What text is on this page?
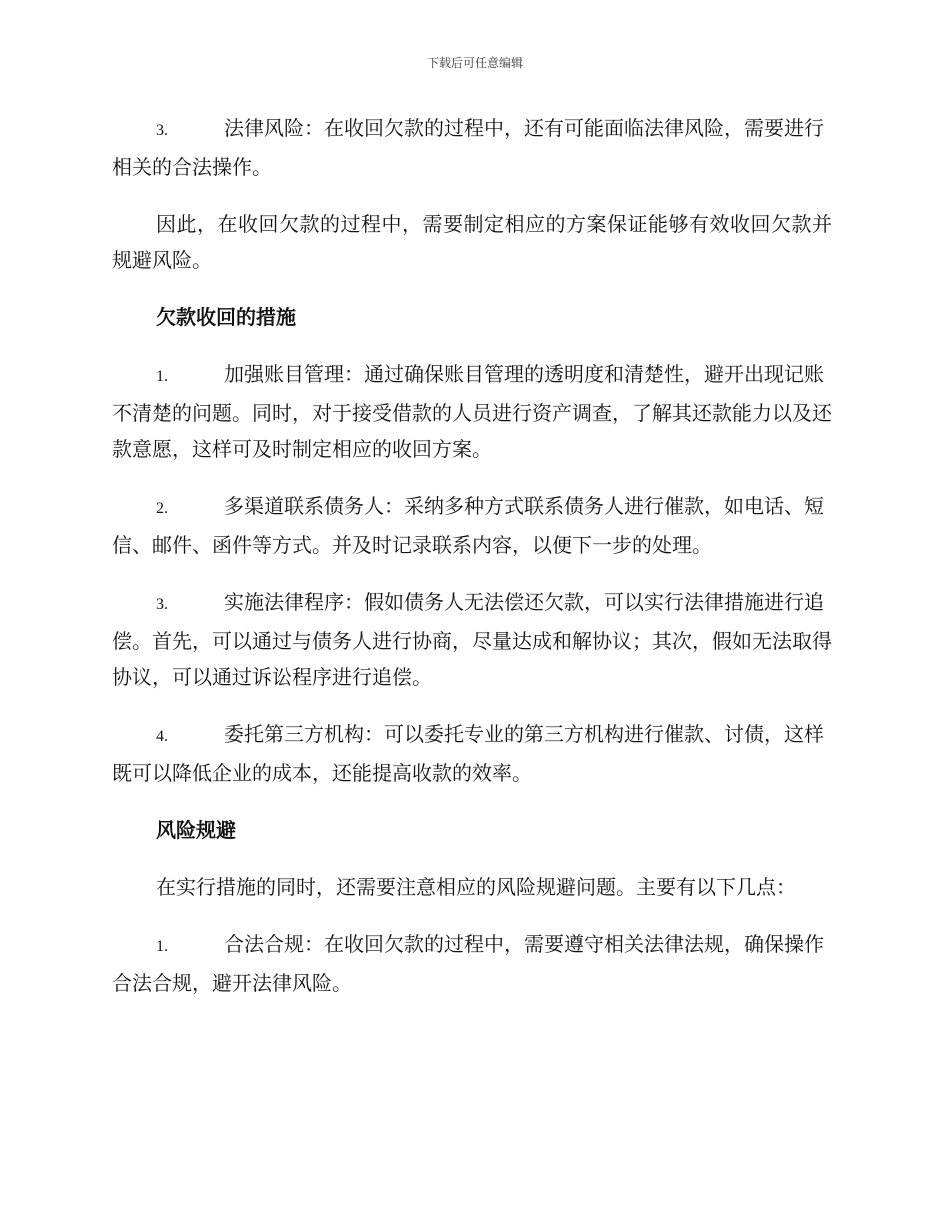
下载后可任意编辑

3.	法律风险：在收回欠款的过程中，还有可能面临法律风险，需要进行相关的合法操作。

因此，在收回欠款的过程中，需要制定相应的方案保证能够有效收回欠款并规避风险。

欠款收回的措施

1.	加强账目管理：通过确保账目管理的透明度和清楚性，避开出现记账不清楚的问题。同时，对于接受借款的人员进行资产调查，了解其还款能力以及还款意愿，这样可及时制定相应的收回方案。

2.	多渠道联系债务人：采纳多种方式联系债务人进行催款，如电话、短信、邮件、函件等方式。并及时记录联系内容，以便下一步的处理。

3.	实施法律程序：假如债务人无法偿还欠款，可以实行法律措施进行追偿。首先，可以通过与债务人进行协商，尽量达成和解协议；其次，假如无法取得协议，可以通过诉讼程序进行追偿。

4.	委托第三方机构：可以委托专业的第三方机构进行催款、讨债，这样既可以降低企业的成本，还能提高收款的效率。

风险规避

在实行措施的同时，还需要注意相应的风险规避问题。主要有以下几点：

1.	合法合规：在收回欠款的过程中，需要遵守相关法律法规，确保操作合法合规，避开法律风险。
